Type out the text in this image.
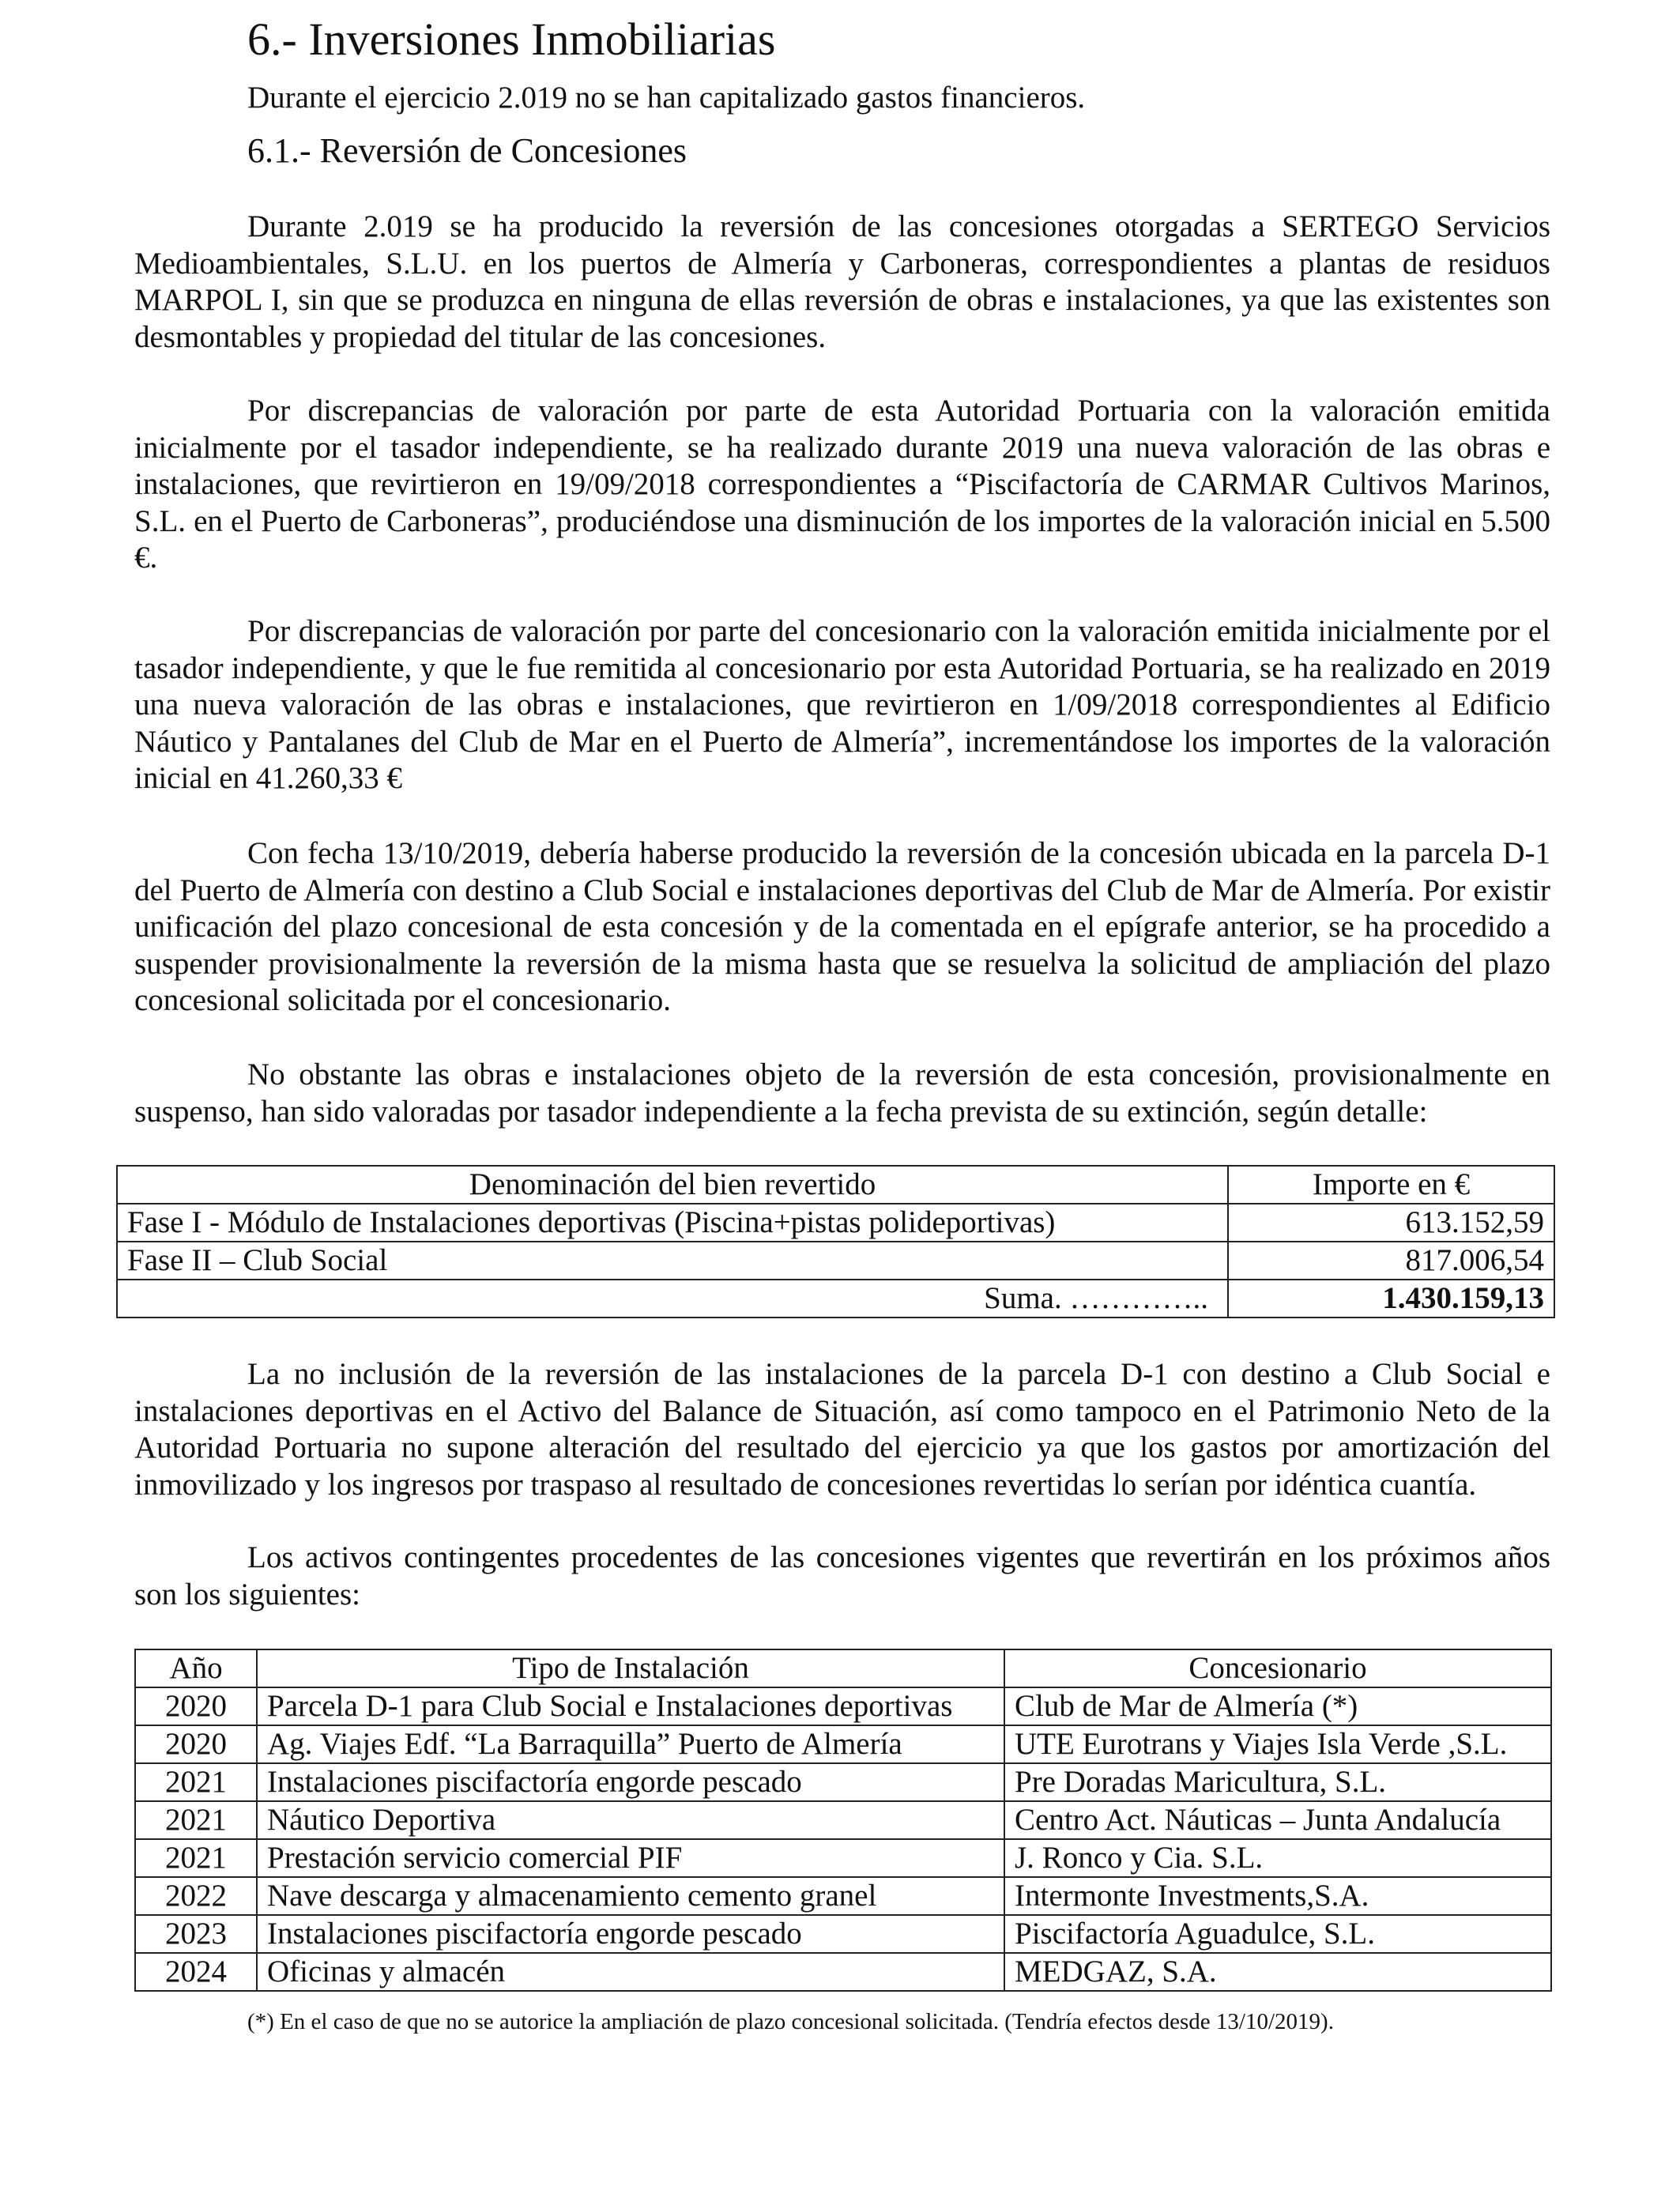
6.- Inversiones Inmobiliarias
Durante el ejercicio 2.019 no se han capitalizado gastos financieros.
6.1.- Reversión de Concesiones

Durante 2.019 se ha producido la reversión de las concesiones otorgadas a SERTEGO Servicios Medioambientales, S.L.U. en los puertos de Almería y Carboneras, correspondientes a plantas de residuos MARPOL I, sin que se produzca en ninguna de ellas reversión de obras e instalaciones, ya que las existentes son desmontables y propiedad del titular de las concesiones.

Por discrepancias de valoración por parte de esta Autoridad Portuaria con la valoración emitida inicialmente por el tasador independiente, se ha realizado durante 2019 una nueva valoración de las obras e instalaciones, que revirtieron en 19/09/2018 correspondientes a “Piscifactoría de CARMAR Cultivos Marinos, S.L. en el Puerto de Carboneras”, produciéndose una disminución de los importes de la valoración inicial en 5.500 €.

Por discrepancias de valoración por parte del concesionario con la valoración emitida inicialmente por el tasador independiente, y que le fue remitida al concesionario por esta Autoridad Portuaria, se ha realizado en 2019 una nueva valoración de las obras e instalaciones, que revirtieron en 1/09/2018 correspondientes al Edificio Náutico y Pantalanes del Club de Mar en el Puerto de Almería”, incrementándose los importes de la valoración inicial en 41.260,33 €

Con fecha 13/10/2019, debería haberse producido la reversión de la concesión ubicada en la parcela D-1 del Puerto de Almería con destino a Club Social e instalaciones deportivas del Club de Mar de Almería. Por existir unificación del plazo concesional de esta concesión y de la comentada en el epígrafe anterior, se ha procedido a suspender provisionalmente la reversión de la misma hasta que se resuelva la solicitud de ampliación del plazo concesional solicitada por el concesionario.

No obstante las obras e instalaciones objeto de la reversión de esta concesión, provisionalmente en suspenso, han sido valoradas por tasador independiente a la fecha prevista de su extinción, según detalle:

Denominación del bien revertido	Importe en €
Fase I - Módulo de Instalaciones deportivas (Piscina+pistas polideportivas)	613.152,59
Fase II – Club Social	817.006,54
Suma. …………..	1.430.159,13

La no inclusión de la reversión de las instalaciones de la parcela D-1 con destino a Club Social e instalaciones deportivas en el Activo del Balance de Situación, así como tampoco en el Patrimonio Neto de la Autoridad Portuaria no supone alteración del resultado del ejercicio ya que los gastos por amortización del inmovilizado y los ingresos por traspaso al resultado de concesiones revertidas lo serían por idéntica cuantía.

Los activos contingentes procedentes de las concesiones vigentes que revertirán en los próximos años son los siguientes:

Año	Tipo de Instalación	Concesionario
2020	Parcela D-1 para Club Social e Instalaciones deportivas	Club de Mar de Almería (*)
2020	Ag. Viajes Edf. “La Barraquilla” Puerto de Almería	UTE Eurotrans y Viajes Isla Verde ,S.L.
2021	Instalaciones piscifactoría engorde pescado	Pre Doradas Maricultura, S.L.
2021	Náutico Deportiva	Centro Act. Náuticas – Junta Andalucía
2021	Prestación servicio comercial PIF	J. Ronco y Cia. S.L.
2022	Nave descarga y almacenamiento cemento granel	Intermonte Investments,S.A.
2023	Instalaciones piscifactoría engorde pescado	Piscifactoría Aguadulce, S.L.
2024	Oficinas y almacén	MEDGAZ, S.A.
(*) En el caso de que no se autorice la ampliación de plazo concesional solicitada. (Tendría efectos desde 13/10/2019).
